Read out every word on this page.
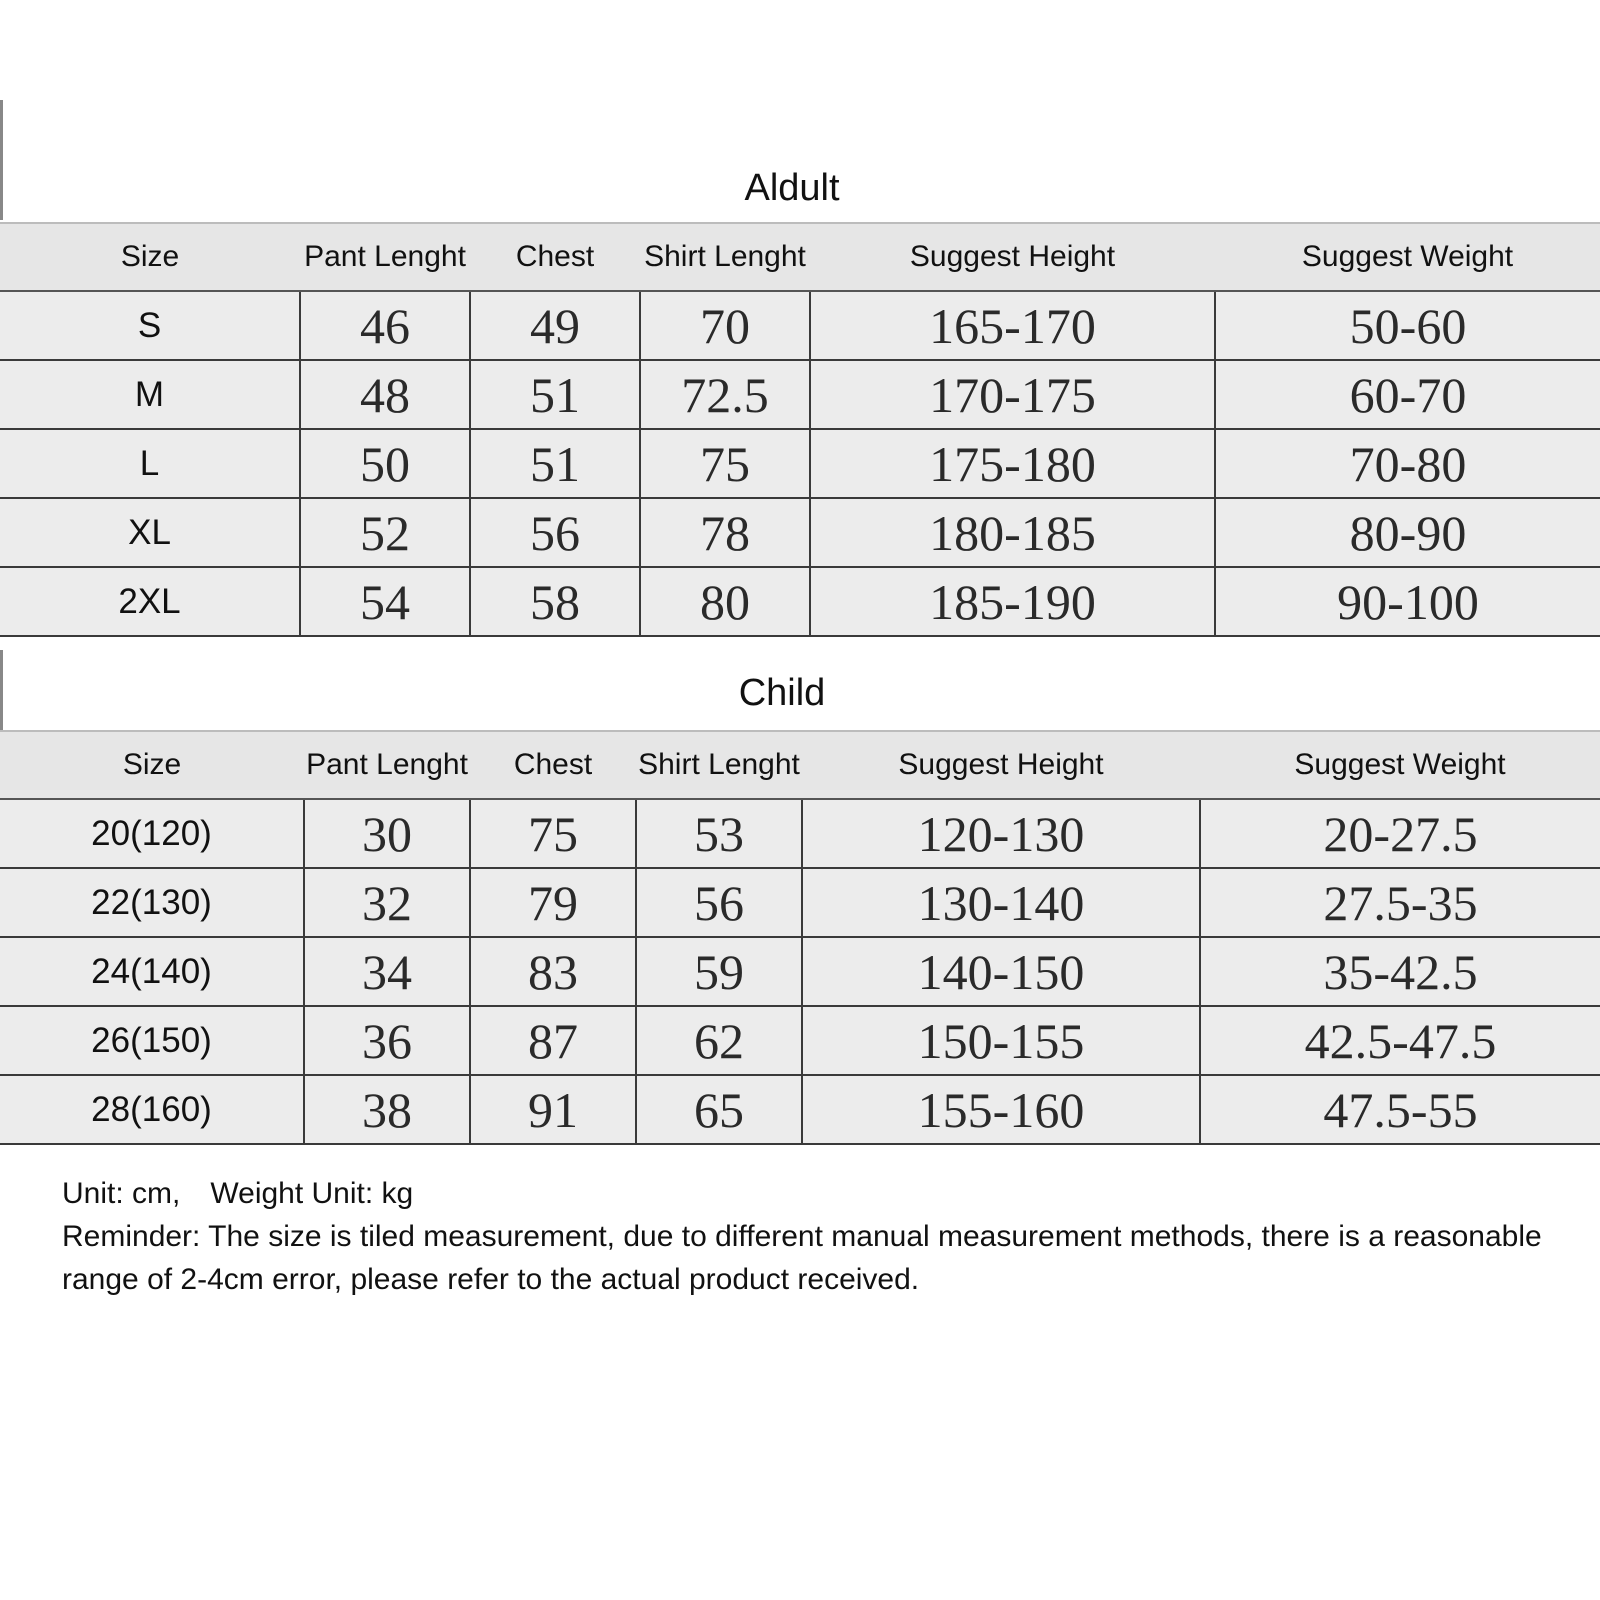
Aldult
Size	Pant Lenght	Chest	Shirt Lenght	Suggest Height	Suggest Weight
S	46	49	70	165-170	50-60
M	48	51	72.5	170-175	60-70
L	50	51	75	175-180	70-80
XL	52	56	78	180-185	80-90
2XL	54	58	80	185-190	90-100
Child
Size	Pant Lenght	Chest	Shirt Lenght	Suggest Height	Suggest Weight
20(120)	30	75	53	120-130	20-27.5
22(130)	32	79	56	130-140	27.5-35
24(140)	34	83	59	140-150	35-42.5
26(150)	36	87	62	150-155	42.5-47.5
28(160)	38	91	65	155-160	47.5-55

Unit: cm, Weight Unit: kg

Reminder: The size is tiled measurement, due to different manual measurement methods, there is a reasonable range of 2-4cm error, please refer to the actual product received.
